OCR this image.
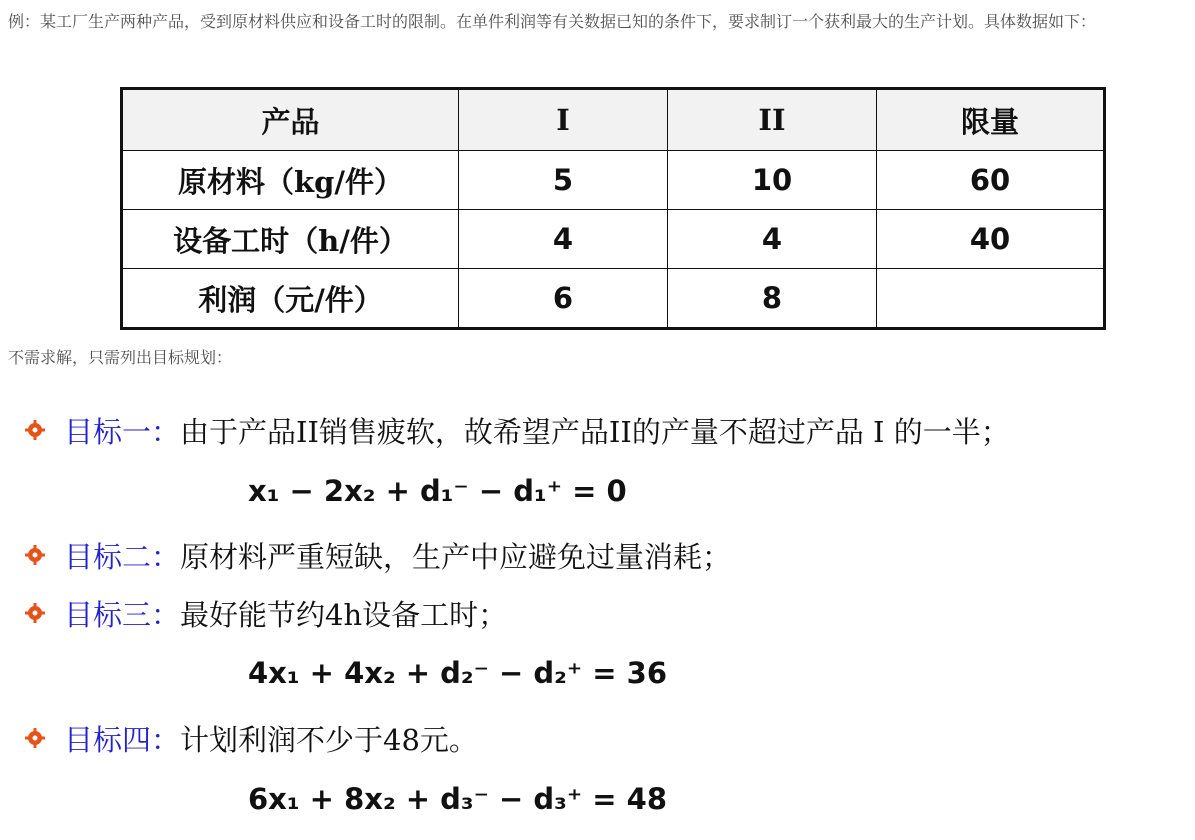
例：某工厂生产两种产品，受到原材料供应和设备工时的限制。在单件利润等有关数据已知的条件下，要求制订一个获利最大的生产计划。具体数据如下：
产品	I	II	限量
原材料（kg/件）	5	10	60
设备工时（h/件）	4	4	40
利润（元/件）	6	8	
不需求解，只需列出目标规划：
目标一： 由于产品II销售疲软，故希望产品II的产量不超过产品 I 的一半；
x₁ − 2x₂ + d₁⁻ − d₁⁺ = 0
目标二： 原材料严重短缺，生产中应避免过量消耗；
目标三： 最好能节约4h设备工时；
4x₁ + 4x₂ + d₂⁻ − d₂⁺ = 36
目标四： 计划利润不少于48元。
6x₁ + 8x₂ + d₃⁻ − d₃⁺ = 48
